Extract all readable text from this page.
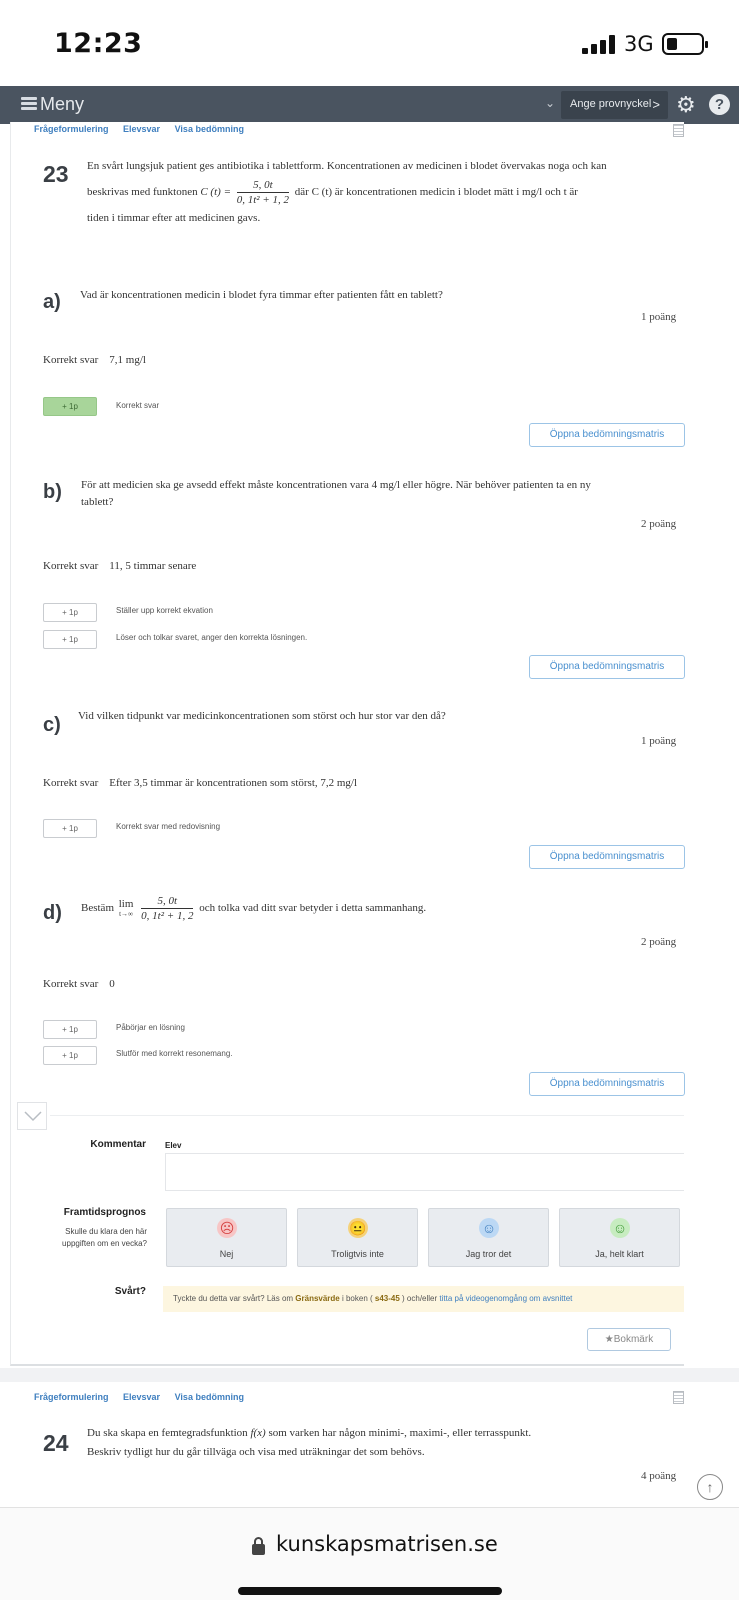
12:23	3G
Meny	⌄	Ange provnyckel > ⚙	?
Frågeformulering Elevsvar Visa bedömning
23 En svårt lungsjuk patient ges antibiotika i tablettform. Koncentrationen av medicinen i blodet övervakas noga och kan
beskrivas med funktonen C $(t) = \frac{5, 0t}{\text{0, 1t² + 1, 2}}$ där C (t) är koncentrationen medicin i blodet mätt i mg/l och t är
tiden i timmar efter att medicinen gavs.
a) Vad är koncentrationen medicin i blodet fyra timmar efter patienten fått en tablett?
1 poäng
Korrekt svar 7,1 mg/l
+ 1p	Korrekt svar
Öppna bedömningsmatris
b) För att medicien ska ge avsedd effekt måste koncentrationen vara 4 mg/l eller högre. När behöver patienten ta en ny
tablett?
2 poäng
Korrekt svar 11, 5 timmar senare
+ 1p	Ställer upp korrekt ekvation
+ 1p	Löser och tolkar svaret, anger den korrekta lösningen.
Öppna bedömningsmatris
c) Vid vilken tidpunkt var medicinkoncentrationen som störst och hur stor var den då?
1 poäng
Korrekt svar Efter 3,5 timmar är koncentrationen som störst, 7,2 mg/l
+ 1p	Korrekt svar med redovisning
Öppna bedömningsmatris
d) Bestäm lim
t→∞
$\frac{5, 0t}{\text{0, 1t² + 1, 2}}$ och tolka vad ditt svar betyder i detta sammanhang.
2 poäng
Korrekt svar 0
+ 1p	Påbörjar en lösning
+ 1p	Slutför med korrekt resonemang.
Öppna bedömningsmatris
Kommentar Elev
Framtidsprognos
Skulle du klara den här uppgiften om en vecka?
☹
Nej
😐
Troligtvis inte
☺
Jag tror det
☺
Ja, helt klart
Svårt?
Tyckte du detta var svårt? Läs om Gränsvärde i boken ( s43-45 ) och/eller titta på videogenomgång om avsnittet
★Bokmärk
Frågeformulering Elevsvar Visa bedömning
24 Du ska skapa en femtegradsfunktion f(x) som varken har någon minimi-, maximi-, eller terrasspunkt.
Beskriv tydligt hur du går tillväga och visa med uträkningar det som behövs.
4 poäng
↑
kunskapsmatrisen.se
